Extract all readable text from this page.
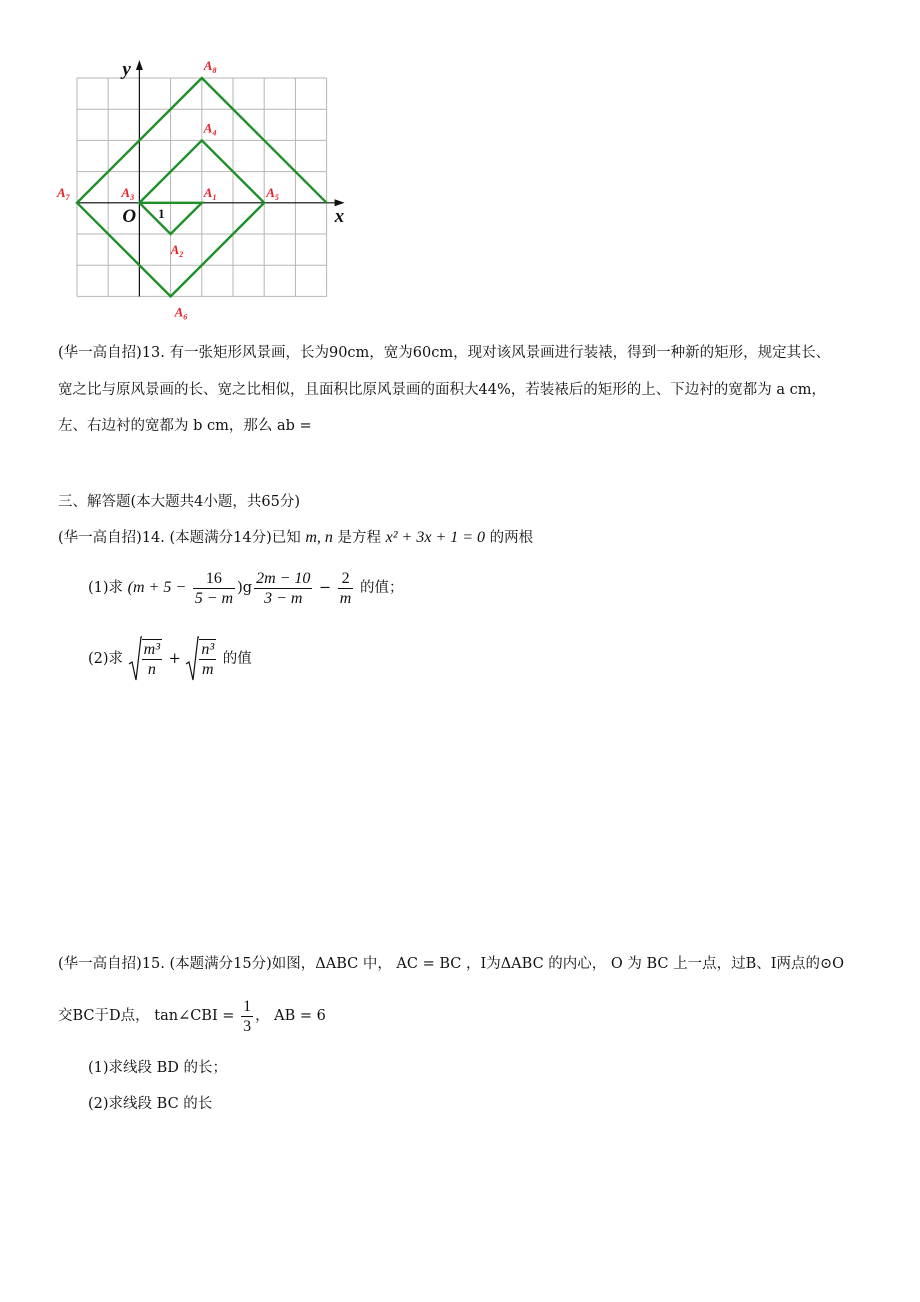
$A_1$
$A_2$
$A_3$
$A_4$
$A_5$
$A_6$
$A_7$
$A_8$
x
y
O 1
(华一高自招)13. 有一张矩形风景画，长为90cm，宽为60cm，现对该风景画进行装裱，得到一种新的矩形，规定其长、
宽之比与原风景画的长、宽之比相似，且面积比原风景画的面积大44%，若装裱后的矩形的上、下边衬的宽都为 a cm，
左、右边衬的宽都为 b cm，那么 ab =
三、解答题(本大题共4小题，共65分)
(华一高自招)14. (本题满分14分)已知 m, n 是方程 x² + 3x + 1 = 0 的两根
(1)求 $(m + 5 - \frac{16}{5 - m} )g \frac{2m - 10}{3 - m} - \frac{2}{m}$ 的值；
(2)求 $\frac{\text{m³}}{n} + \frac{\text{n³}}{m}$ 的值
(华一高自招)15. (本题满分15分)如图，ΔABC 中， AC = BC ，I为ΔABC 的内心， O 为 BC 上一点，过B、I两点的⊙O
交BC于D点， tan∠CBI = $\frac{1}{3}$ ， AB = 6
(1)求线段 BD 的长；
(2)求线段 BC 的长
